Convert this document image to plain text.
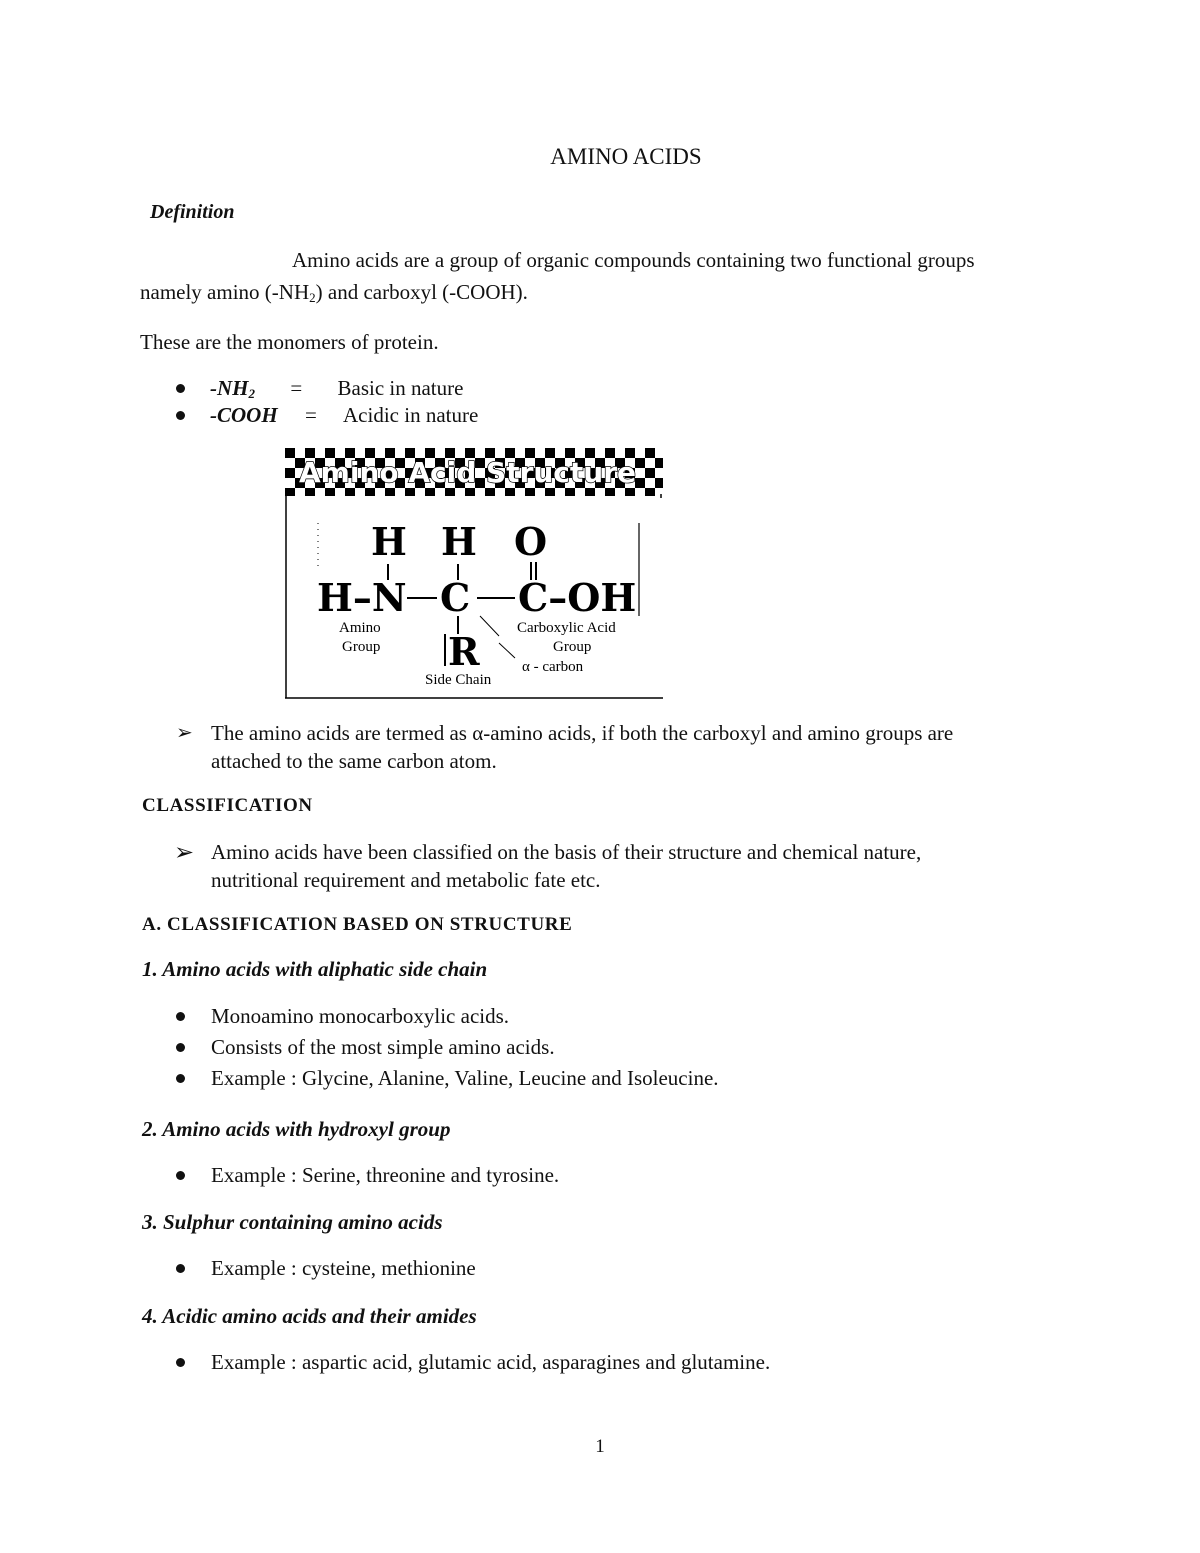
AMINO ACIDS
Definition
Amino acids are a group of organic compounds containing two functional groups
namely amino $(-NH_2)$ and carboxyl (-COOH).
These are the monomers of protein.
$-NH_2$ = Basic in nature
-COOH = Acidic in nature
Amino Acid Structure
H H O
H–N C C–OH
R
Amino
Group
Carboxylic Acid
Group
α - carbon
Side Chain
➢ The amino acids are termed as α-amino acids, if both the carboxyl and amino groups are
attached to the same carbon atom.
CLASSIFICATION
➢ Amino acids have been classified on the basis of their structure and chemical nature,
nutritional requirement and metabolic fate etc.
A. CLASSIFICATION BASED ON STRUCTURE
1. Amino acids with aliphatic side chain
Monoamino monocarboxylic acids.
Consists of the most simple amino acids.
Example : Glycine, Alanine, Valine, Leucine and Isoleucine.
2. Amino acids with hydroxyl group
Example : Serine, threonine and tyrosine.
3. Sulphur containing amino acids
Example : cysteine, methionine
4. Acidic amino acids and their amides
Example : aspartic acid, glutamic acid, asparagines and glutamine.
1
